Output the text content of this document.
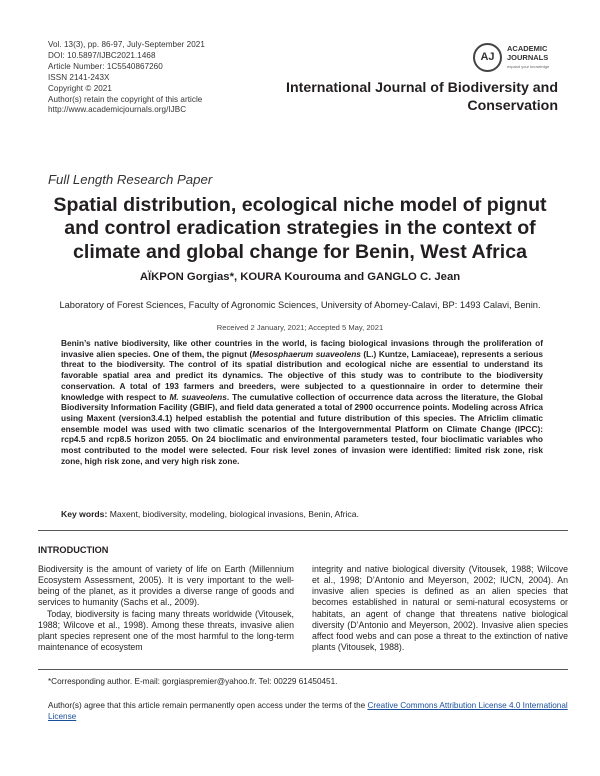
Vol. 13(3), pp. 86-97, July-September 2021
DOI: 10.5897/IJBC2021.1468
Article Number: 1C5540867260
ISSN 2141-243X
Copyright © 2021
Author(s) retain the copyright of this article
http://www.academicjournals.org/IJBC
AJ
ACADEMIC
JOURNALS
expand your knowledge
International Journal of Biodiversity and
Conservation
Full Length Research Paper
Spatial distribution, ecological niche model of pignut and control eradication strategies in the context of climate and global change for Benin, West Africa
AÏKPON Gorgias*, KOURA Kourouma and GANGLO C. Jean
Laboratory of Forest Sciences, Faculty of Agronomic Sciences, University of Abomey-Calavi, BP: 1493 Calavi, Benin.
Received 2 January, 2021; Accepted 5 May, 2021
Benin’s native biodiversity, like other countries in the world, is facing biological invasions through the proliferation of invasive alien species. One of them, the pignut (Mesosphaerum suaveolens (L.) Kuntze, Lamiaceae), represents a serious threat to the biodiversity. The control of its spatial distribution and ecological niche are essential to understand its favorable spatial area and predict its dynamics. The objective of this study was to contribute to the biodiversity conservation. A total of 193 farmers and breeders, were subjected to a questionnaire in order to determine their knowledge with respect to M. suaveolens. The cumulative collection of occurrence data across the literature, the Global Biodiversity Information Facility (GBIF), and field data generated a total of 2900 occurrence points. Modeling across Africa using Maxent (version3.4.1) helped establish the potential and future distribution of this species. The Africlim climatic ensemble model was used with two climatic scenarios of the Intergovernmental Platform on Climate Change (IPCC): rcp4.5 and rcp8.5 horizon 2055. On 24 bioclimatic and environmental parameters tested, four bioclimatic variables who most contributed to the model were selected. Four risk level zones of invasion were identified: limited risk zone, risk zone, high risk zone, and very high risk zone.
Key words: Maxent, biodiversity, modeling, biological invasions, Benin, Africa.
INTRODUCTION

Biodiversity is the amount of variety of life on Earth (Millennium Ecosystem Assessment, 2005). It is very important to the well-being of the planet, as it provides a diverse range of goods and services to humanity (Sachs et al., 2009).

Today, biodiversity is facing many threats worldwide (Vitousek, 1988; Wilcove et al., 1998). Among these threats, invasive alien plant species represent one of the most harmful to the long-term maintenance of ecosystem

integrity and native biological diversity (Vitousek, 1988; Wilcove et al., 1998; D’Antonio and Meyerson, 2002; IUCN, 2004). An invasive alien species is defined as an alien species that becomes established in natural or semi-natural ecosystems or habitats, an agent of change that threatens native biological diversity (D’Antonio and Meyerson, 2002). Invasive alien species affect food webs and can pose a threat to the extinction of native plants (Vitousek, 1988).

*Corresponding author. E-mail: gorgiaspremier@yahoo.fr. Tel: 00229 61450451.
Author(s) agree that this article remain permanently open access under the terms of the Creative Commons Attribution License 4.0 International License
